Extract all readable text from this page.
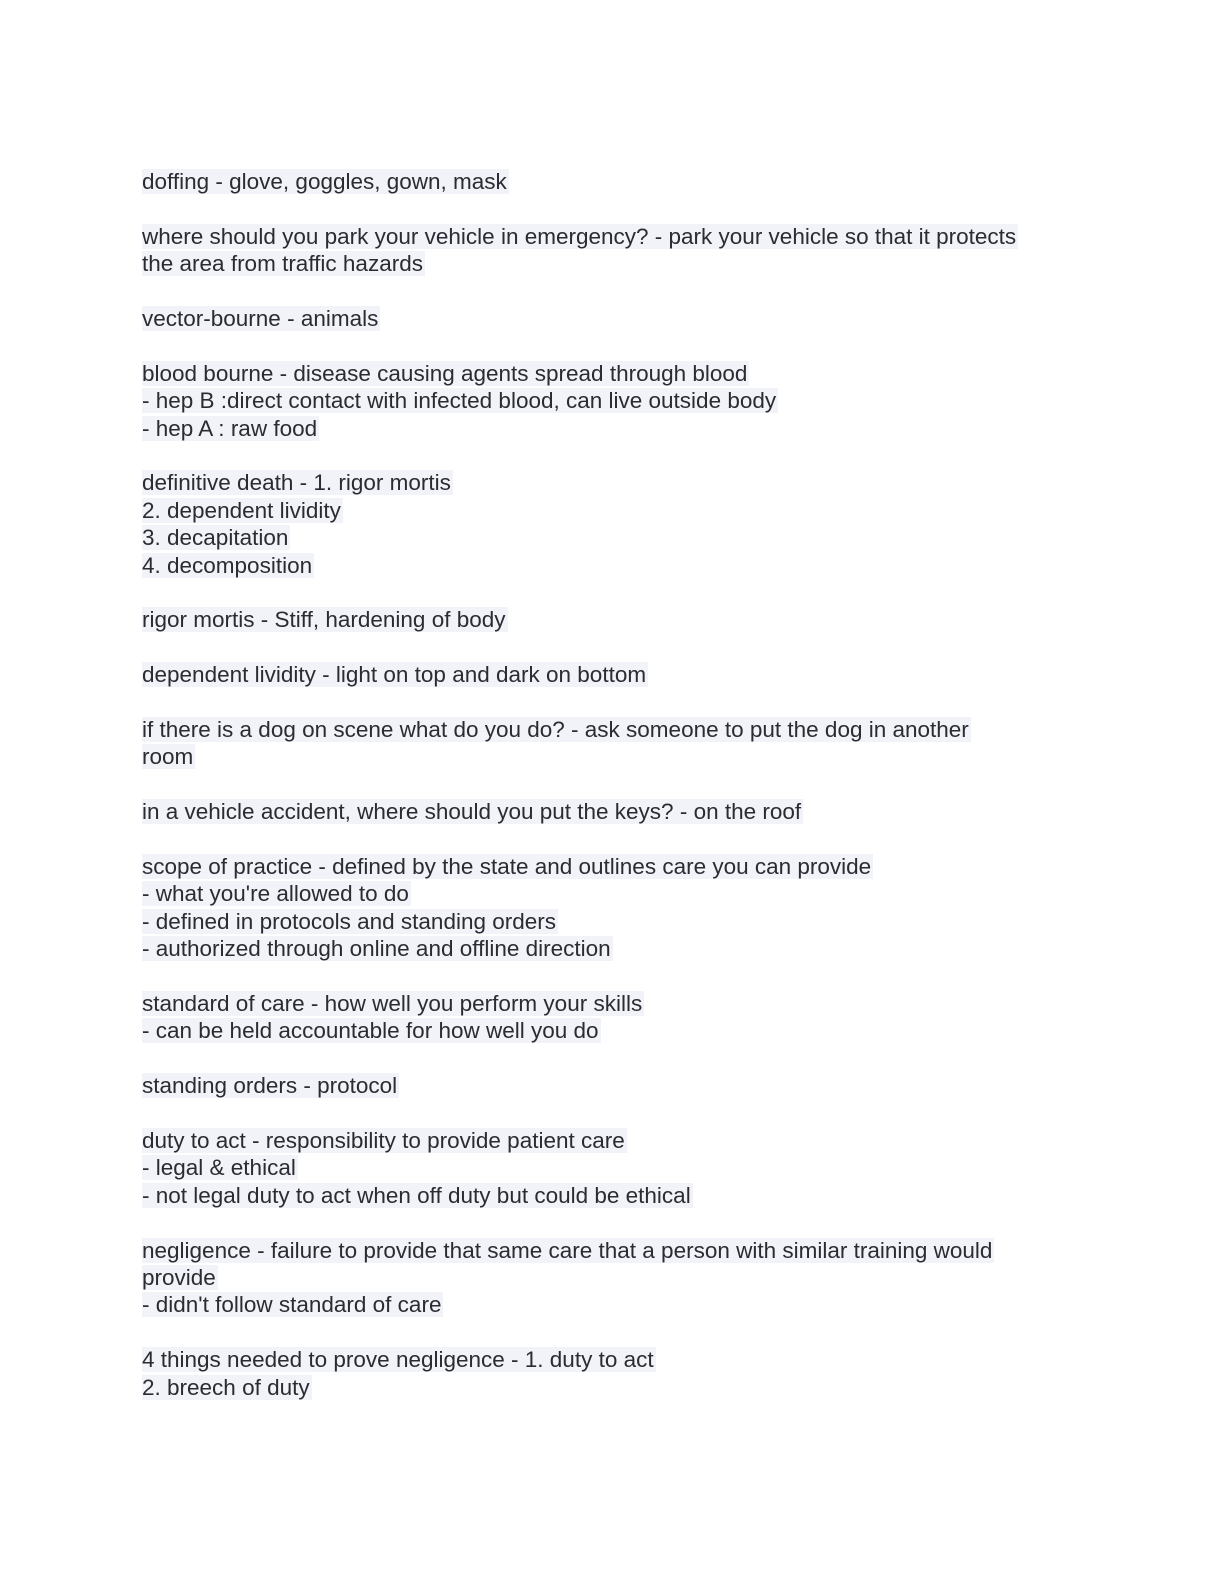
doffing - glove, goggles, gown, mask
where should you park your vehicle in emergency? - park your vehicle so that it protects
the area from traffic hazards
vector-bourne - animals
blood bourne - disease causing agents spread through blood
- hep B :direct contact with infected blood, can live outside body
- hep A : raw food
definitive death - 1. rigor mortis
2. dependent lividity
3. decapitation
4. decomposition
rigor mortis - Stiff, hardening of body
dependent lividity - light on top and dark on bottom
if there is a dog on scene what do you do? - ask someone to put the dog in another
room
in a vehicle accident, where should you put the keys? - on the roof
scope of practice - defined by the state and outlines care you can provide
- what you're allowed to do
- defined in protocols and standing orders
- authorized through online and offline direction
standard of care - how well you perform your skills
- can be held accountable for how well you do
standing orders - protocol
duty to act - responsibility to provide patient care
- legal & ethical
- not legal duty to act when off duty but could be ethical
negligence - failure to provide that same care that a person with similar training would
provide
- didn't follow standard of care
4 things needed to prove negligence - 1. duty to act
2. breech of duty
